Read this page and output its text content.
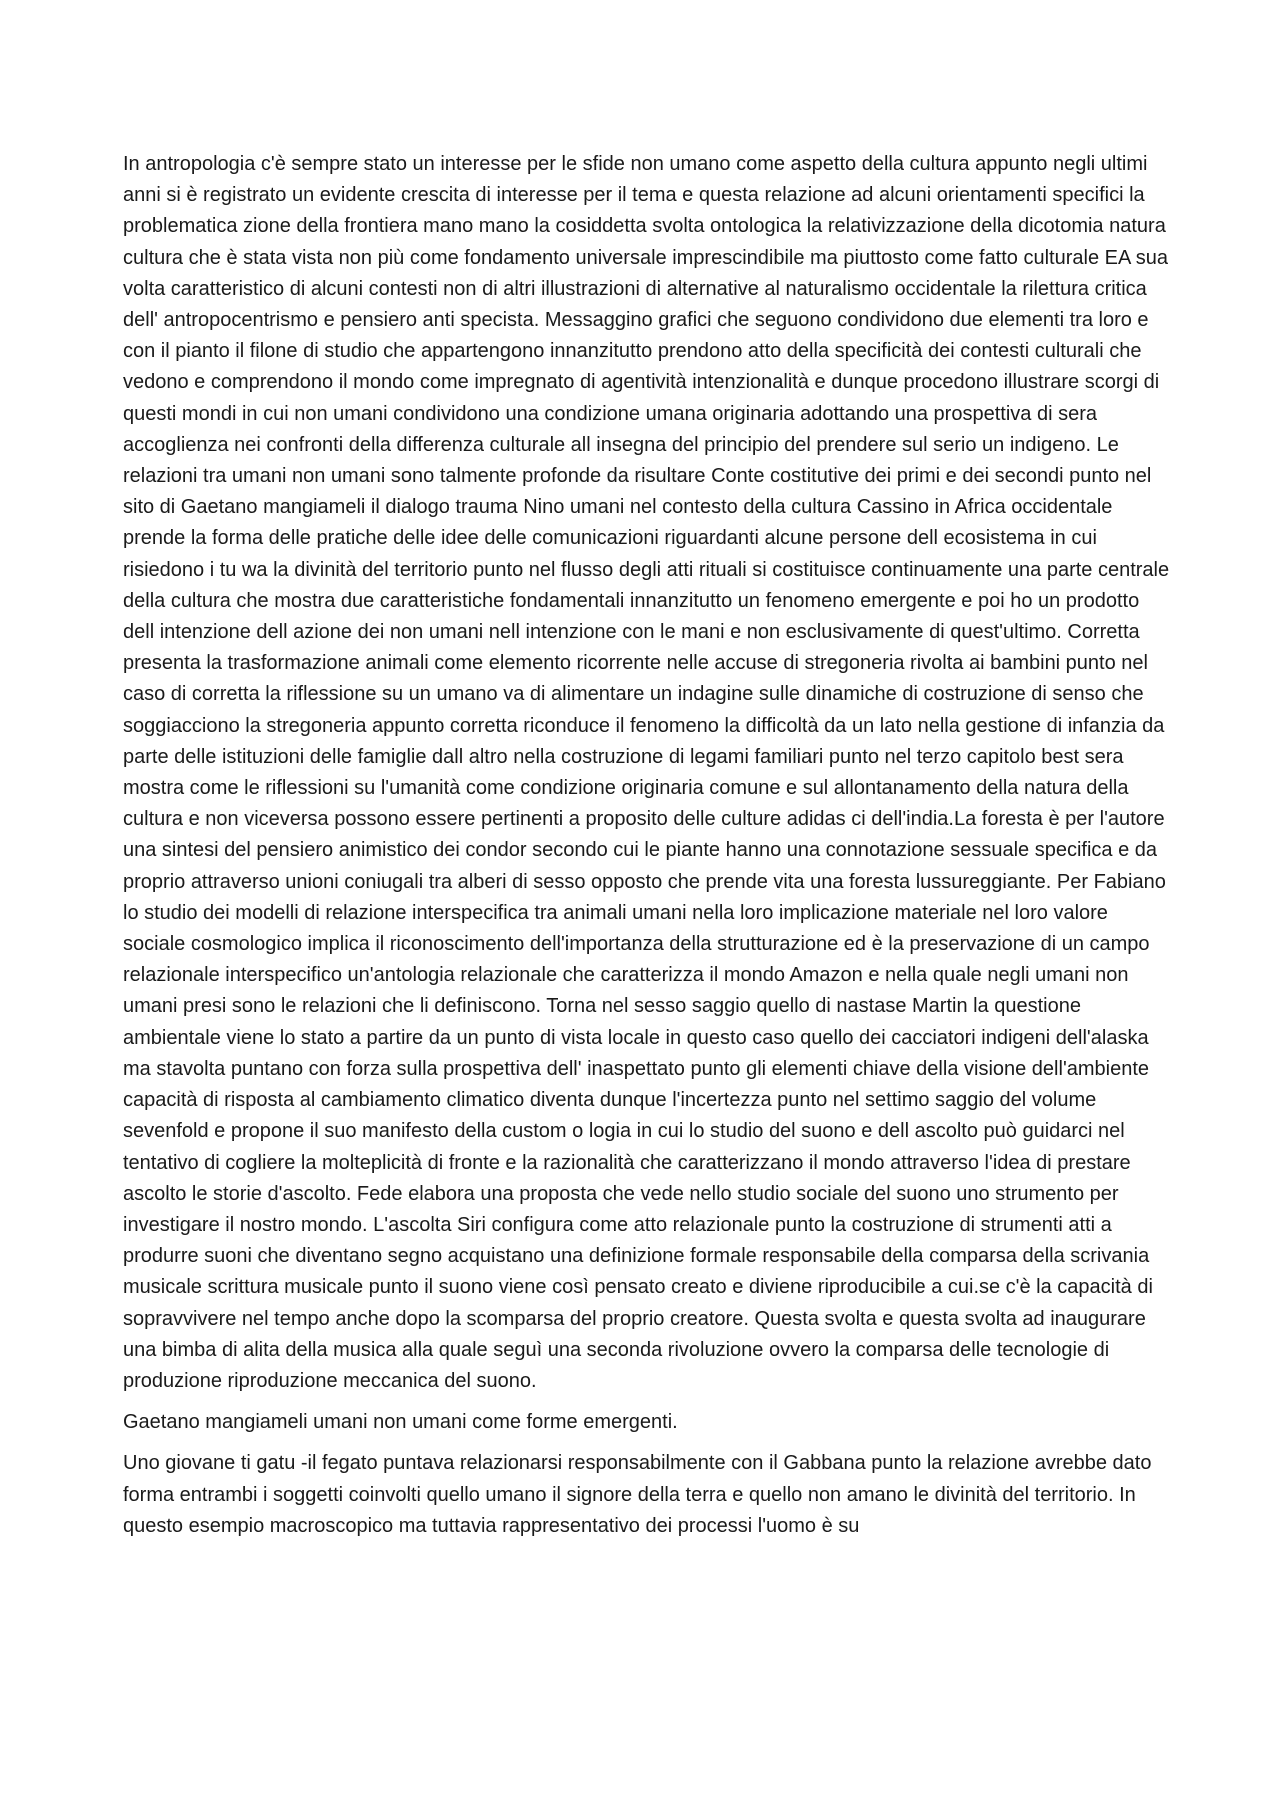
In antropologia c'è sempre stato un interesse per le sfide non umano come aspetto della cultura appunto negli ultimi anni si è registrato un evidente crescita di interesse per il tema e questa relazione ad alcuni orientamenti specifici la problematica zione della frontiera mano mano la cosiddetta svolta ontologica la relativizzazione della dicotomia natura cultura che è stata vista non più come fondamento universale imprescindibile ma piuttosto come fatto culturale EA sua volta caratteristico di alcuni contesti non di altri illustrazioni di alternative al naturalismo occidentale la rilettura critica dell' antropocentrismo e pensiero anti specista. Messaggino grafici che seguono condividono due elementi tra loro e con il pianto il filone di studio che appartengono innanzitutto prendono atto della specificità dei contesti culturali che vedono e comprendono il mondo come impregnato di agentività intenzionalità e dunque procedono illustrare scorgi di questi mondi in cui non umani condividono una condizione umana originaria adottando una prospettiva di sera accoglienza nei confronti della differenza culturale all insegna del principio del prendere sul serio un indigeno. Le relazioni tra umani non umani sono talmente profonde da risultare Conte costitutive dei primi e dei secondi punto nel sito di Gaetano mangiameli il dialogo trauma Nino umani nel contesto della cultura Cassino in Africa occidentale prende la forma delle pratiche delle idee delle comunicazioni riguardanti alcune persone dell ecosistema in cui risiedono i tu wa la divinità del territorio punto nel flusso degli atti rituali si costituisce continuamente una parte centrale della cultura che mostra due caratteristiche fondamentali innanzitutto un fenomeno emergente e poi ho un prodotto dell intenzione dell azione dei non umani nell intenzione con le mani e non esclusivamente di quest'ultimo. Corretta presenta la trasformazione animali come elemento ricorrente nelle accuse di stregoneria rivolta ai bambini punto nel caso di corretta la riflessione su un umano va di alimentare un indagine sulle dinamiche di costruzione di senso che soggiacciono la stregoneria appunto corretta riconduce il fenomeno la difficoltà da un lato nella gestione di infanzia da parte delle istituzioni delle famiglie dall altro nella costruzione di legami familiari punto nel terzo capitolo best sera mostra come le riflessioni su l'umanità come condizione originaria comune e sul allontanamento della natura della cultura e non viceversa possono essere pertinenti a proposito delle culture adidas ci dell'india.La foresta è per l'autore una sintesi del pensiero animistico dei condor secondo cui le piante hanno una connotazione sessuale specifica e da proprio attraverso unioni coniugali tra alberi di sesso opposto che prende vita una foresta lussureggiante. Per Fabiano lo studio dei modelli di relazione interspecifica tra animali umani nella loro implicazione materiale nel loro valore sociale cosmologico implica il riconoscimento dell'importanza della strutturazione ed è la preservazione di un campo relazionale interspecifico un'antologia relazionale che caratterizza il mondo Amazon e nella quale negli umani non umani presi sono le relazioni che li definiscono. Torna nel sesso saggio quello di nastase Martin la questione ambientale viene lo stato a partire da un punto di vista locale in questo caso quello dei cacciatori indigeni dell'alaska ma stavolta puntano con forza sulla prospettiva dell' inaspettato punto gli elementi chiave della visione dell'ambiente capacità di risposta al cambiamento climatico diventa dunque l'incertezza punto nel settimo saggio del volume sevenfold e propone il suo manifesto della custom o logia in cui lo studio del suono e dell ascolto può guidarci nel tentativo di cogliere la molteplicità di fronte e la razionalità che caratterizzano il mondo attraverso l'idea di prestare ascolto le storie d'ascolto. Fede elabora una proposta che vede nello studio sociale del suono uno strumento per investigare il nostro mondo. L'ascolta Siri configura come atto relazionale punto la costruzione di strumenti atti a produrre suoni che diventano segno acquistano una definizione formale responsabile della comparsa della scrivania musicale scrittura musicale punto il suono viene così pensato creato e diviene riproducibile a cui.se c'è la capacità di sopravvivere nel tempo anche dopo la scomparsa del proprio creatore. Questa svolta e questa svolta ad inaugurare una bimba di alita della musica alla quale seguì una seconda rivoluzione ovvero la comparsa delle tecnologie di produzione riproduzione meccanica del suono.

Gaetano mangiameli umani non umani come forme emergenti.

Uno giovane ti gatu -il fegato puntava relazionarsi responsabilmente con il Gabbana punto la relazione avrebbe dato forma entrambi i soggetti coinvolti quello umano il signore della terra e quello non amano le divinità del territorio. In questo esempio macroscopico ma tuttavia rappresentativo dei processi l'uomo è su
